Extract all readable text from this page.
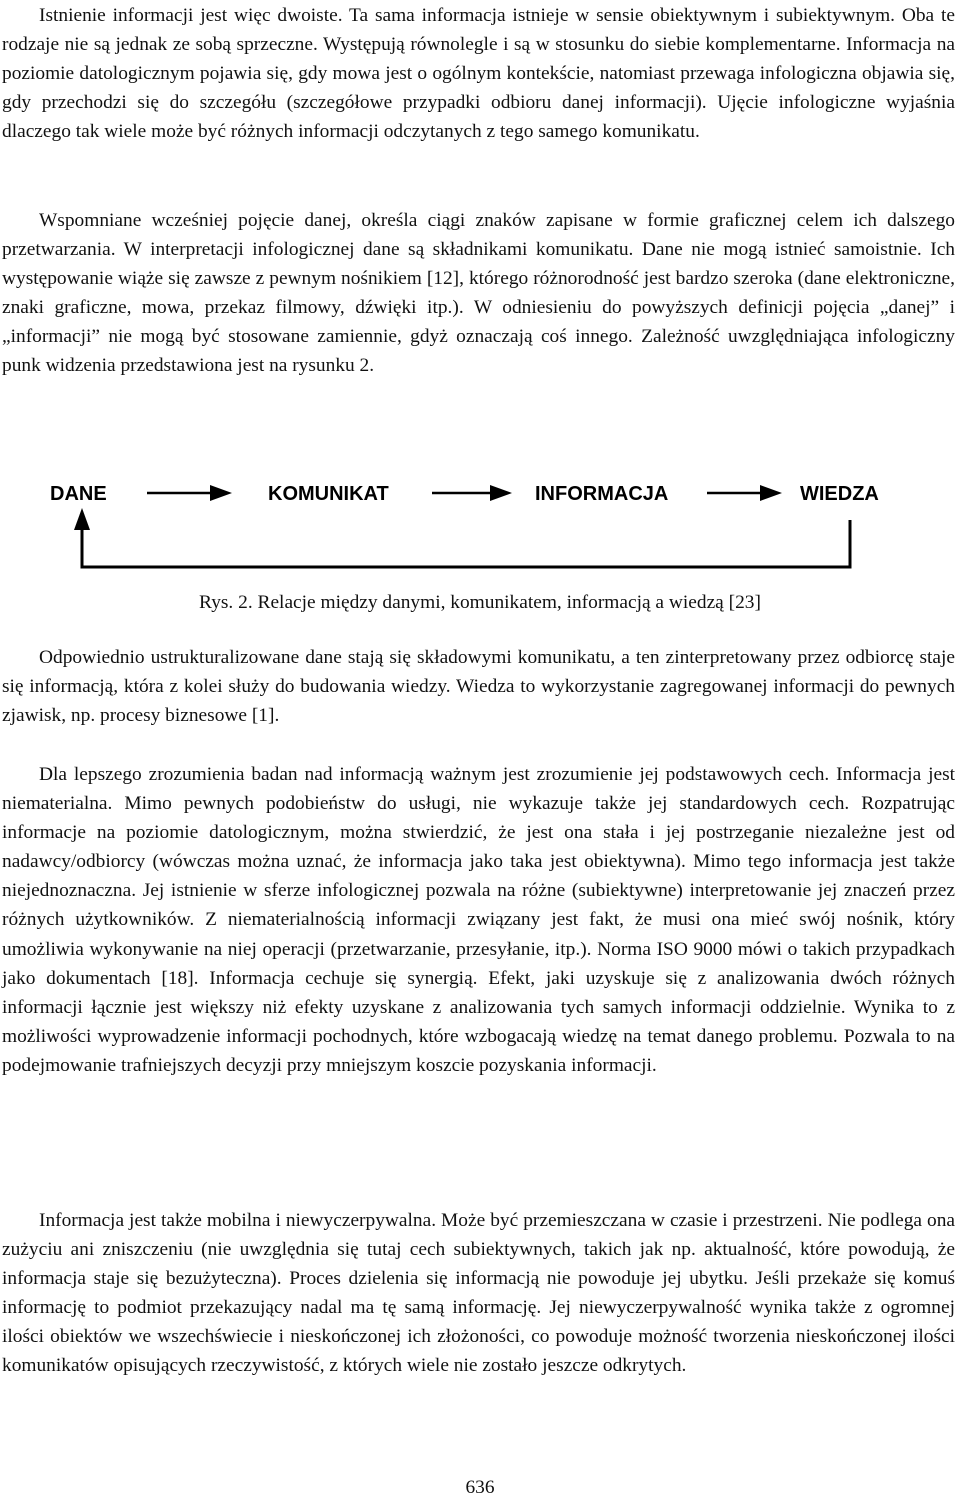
Istnienie informacji jest więc dwoiste. Ta sama informacja istnieje w sensie obiektywnym i subiektywnym. Oba te rodzaje nie są jednak ze sobą sprzeczne. Występują równolegle i są w stosunku do siebie komplementarne. Informacja na poziomie datologicznym pojawia się, gdy mowa jest o ogólnym kontekście, natomiast przewaga infologiczna objawia się, gdy przechodzi się do szczegółu (szczegółowe przypadki odbioru danej informacji). Ujęcie infologiczne wyjaśnia dlaczego tak wiele może być różnych informacji odczytanych z tego samego komunikatu.

Wspomniane wcześniej pojęcie danej, określa ciągi znaków zapisane w formie graficznej celem ich dalszego przetwarzania. W interpretacji infologicznej dane są składnikami komunikatu. Dane nie mogą istnieć samoistnie. Ich występowanie wiąże się zawsze z pewnym nośnikiem [12], którego różnorodność jest bardzo szeroka (dane elektroniczne, znaki graficzne, mowa, przekaz filmowy, dźwięki itp.). W odniesieniu do powyższych definicji pojęcia „danej” i „informacji” nie mogą być stosowane zamiennie, gdyż oznaczają coś innego. Zależność uwzględniająca infologiczny punk widzenia przedstawiona jest na rysunku 2.

DANE	KOMUNIKAT	INFORMACJA	WIEDZA

Rys. 2. Relacje między danymi, komunikatem, informacją a wiedzą [23]

Odpowiednio ustrukturalizowane dane stają się składowymi komunikatu, a ten zinterpretowany przez odbiorcę staje się informacją, która z kolei służy do budowania wiedzy. Wiedza to wykorzystanie zagregowanej informacji do pewnych zjawisk, np. procesy biznesowe [1].

Dla lepszego zrozumienia badan nad informacją ważnym jest zrozumienie jej podstawowych cech. Informacja jest niematerialna. Mimo pewnych podobieństw do usługi, nie wykazuje także jej standardowych cech. Rozpatrując informacje na poziomie datologicznym, można stwierdzić, że jest ona stała i jej postrzeganie niezależne jest od nadawcy/odbiorcy (wówczas można uznać, że informacja jako taka jest obiektywna). Mimo tego informacja jest także niejednoznaczna. Jej istnienie w sferze infologicznej pozwala na różne (subiektywne) interpretowanie jej znaczeń przez różnych użytkowników. Z niematerialnością informacji związany jest fakt, że musi ona mieć swój nośnik, który umożliwia wykonywanie na niej operacji (przetwarzanie, przesyłanie, itp.). Norma ISO 9000 mówi o takich przypadkach jako dokumentach [18]. Informacja cechuje się synergią. Efekt, jaki uzyskuje się z analizowania dwóch różnych informacji łącznie jest większy niż efekty uzyskane z analizowania tych samych informacji oddzielnie. Wynika to z możliwości wyprowadzenie informacji pochodnych, które wzbogacają wiedzę na temat danego problemu. Pozwala to na podejmowanie trafniejszych decyzji przy mniejszym koszcie pozyskania informacji.

Informacja jest także mobilna i niewyczerpywalna. Może być przemieszczana w czasie i przestrzeni. Nie podlega ona zużyciu ani zniszczeniu (nie uwzględnia się tutaj cech subiektywnych, takich jak np. aktualność, które powodują, że informacja staje się bezużyteczna). Proces dzielenia się informacją nie powoduje jej ubytku. Jeśli przekaże się komuś informację to podmiot przekazujący nadal ma tę samą informację. Jej niewyczerpywalność wynika także z ogromnej ilości obiektów we wszechświecie i nieskończonej ich złożoności, co powoduje możność tworzenia nieskończonej ilości komunikatów opisujących rzeczywistość, z których wiele nie zostało jeszcze odkrytych.

636
